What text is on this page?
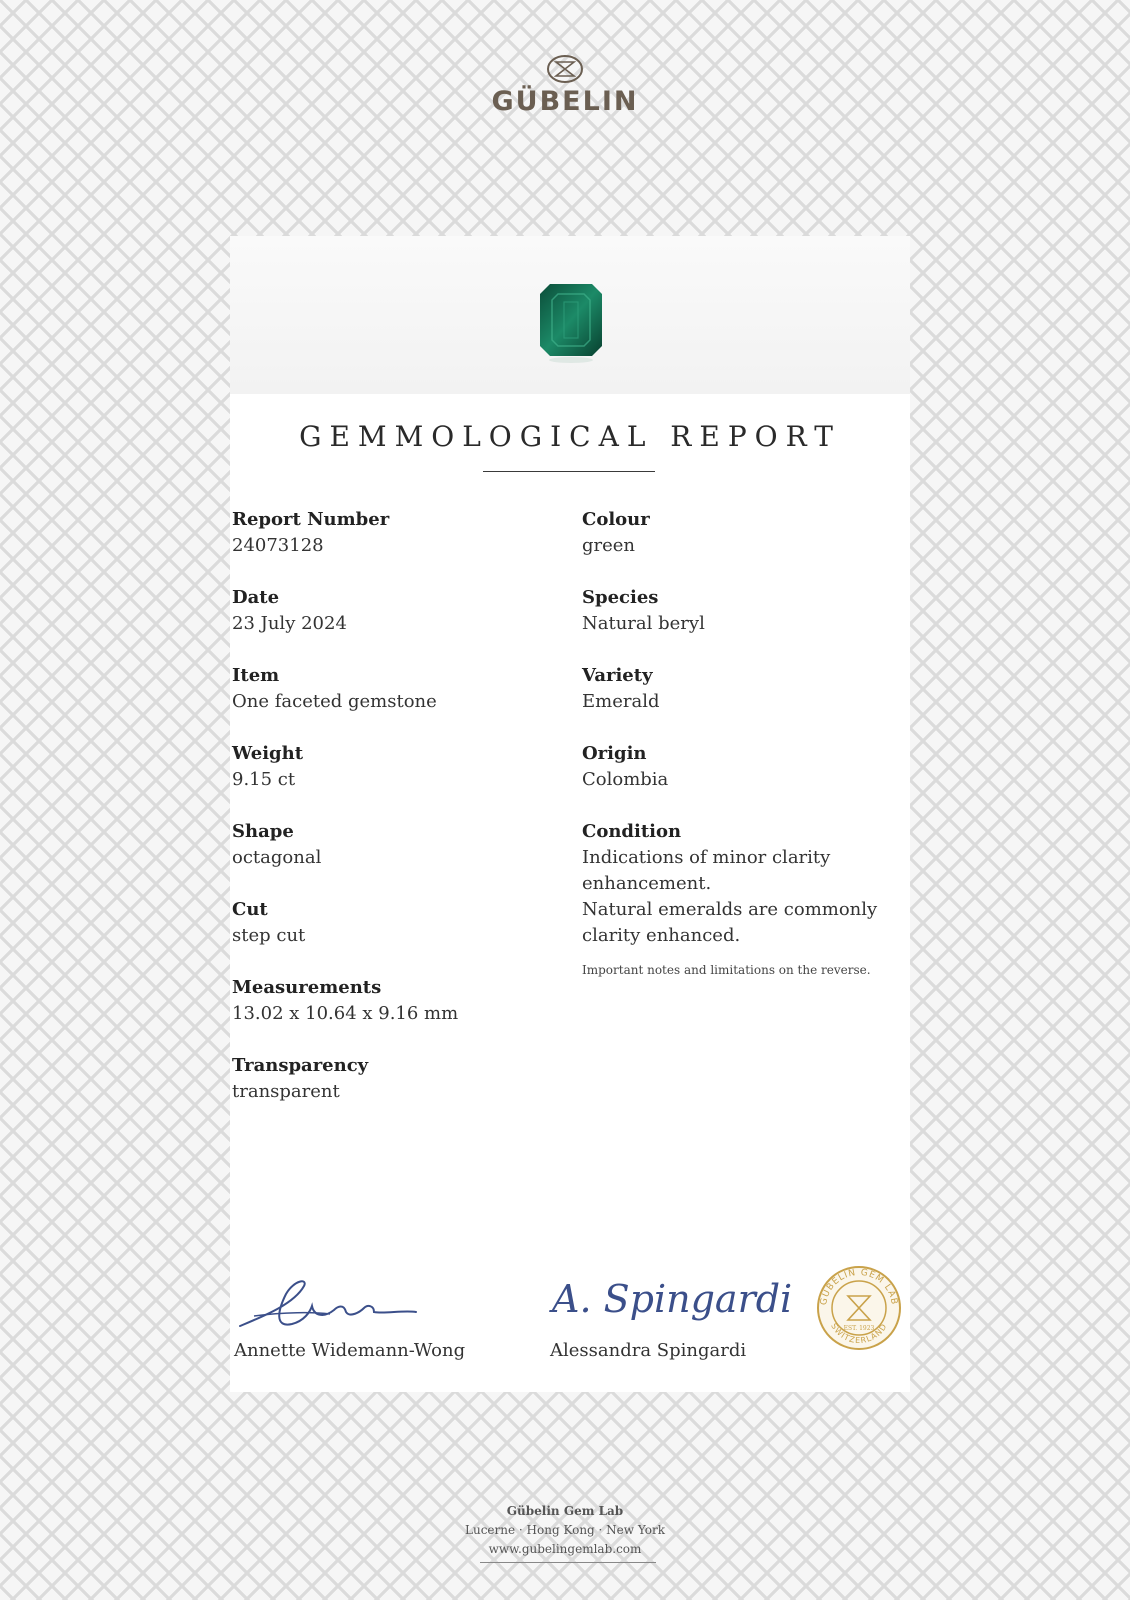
GÜBELIN
GEMMOLOGICAL REPORT
Report Number
24073128
Date
23 July 2024
Item
One faceted gemstone
Weight
9.15 ct
Shape
octagonal
Cut
step cut
Measurements
13.02 x 10.64 x 9.16 mm
Transparency
transparent
Colour
green
Species
Natural beryl
Variety
Emerald
Origin
Colombia
Condition
Indications of minor clarity
enhancement.
Natural emeralds are commonly
clarity enhanced.
Important notes and limitations on the reverse.
Annette Widemann-Wong
A. Spingardi
Alessandra Spingardi
GÜBELIN GEM LAB
SWITZERLAND
EST. 1923
Gübelin Gem Lab
Lucerne · Hong Kong · New York
www.gubelingemlab.com
